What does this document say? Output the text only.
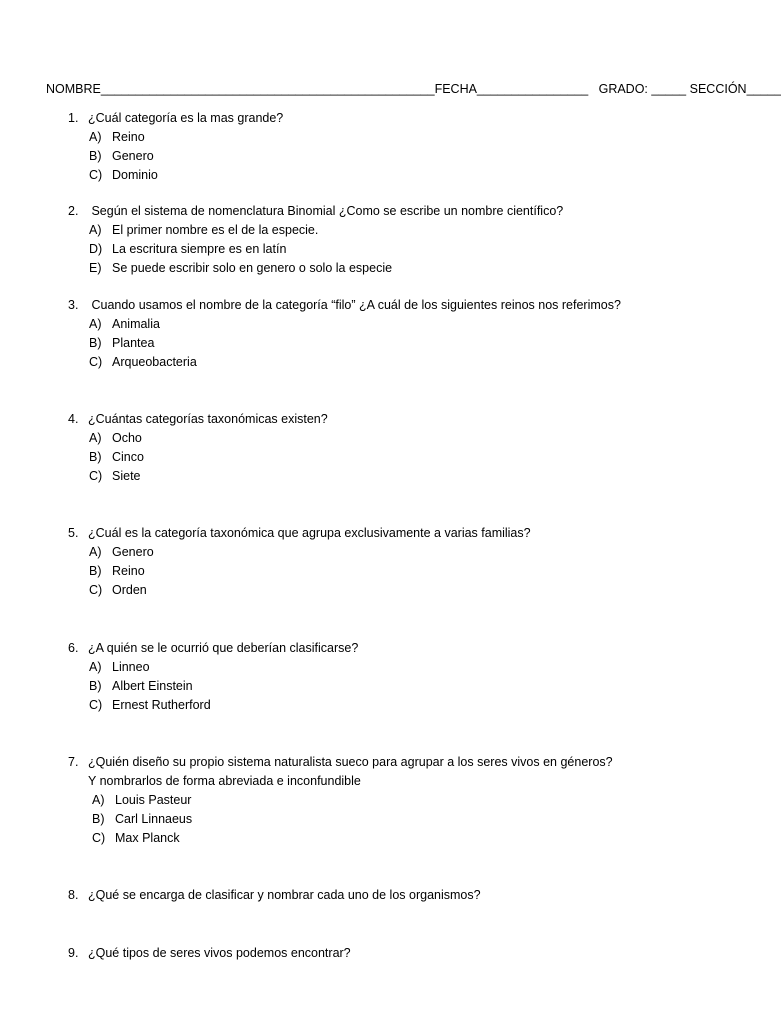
NOMBRE________________________________________________FECHA________________ GRADO: _____ SECCIÓN_____
1. ¿Cuál categoría es la mas grande?
A) Reino
B) Genero
C) Dominio
2. Según el sistema de nomenclatura Binomial ¿Como se escribe un nombre científico?
A) El primer nombre es el de la especie.
D) La escritura siempre es en latín
E) Se puede escribir solo en genero o solo la especie
3. Cuando usamos el nombre de la categoría “filo” ¿A cuál de los siguientes reinos nos referimos?
A) Animalia
B) Plantea
C) Arqueobacteria
4. ¿Cuántas categorías taxonómicas existen?
A) Ocho
B) Cinco
C) Siete
5. ¿Cuál es la categoría taxonómica que agrupa exclusivamente a varias familias?
A) Genero
B) Reino
C) Orden
6. ¿A quién se le ocurrió que deberían clasificarse?
A) Linneo
B) Albert Einstein
C) Ernest Rutherford
7. ¿Quién diseño su propio sistema naturalista sueco para agrupar a los seres vivos en géneros?
Y nombrarlos de forma abreviada e inconfundible
A) Louis Pasteur
B) Carl Linnaeus
C) Max Planck
8. ¿Qué se encarga de clasificar y nombrar cada uno de los organismos?
9. ¿Qué tipos de seres vivos podemos encontrar?
